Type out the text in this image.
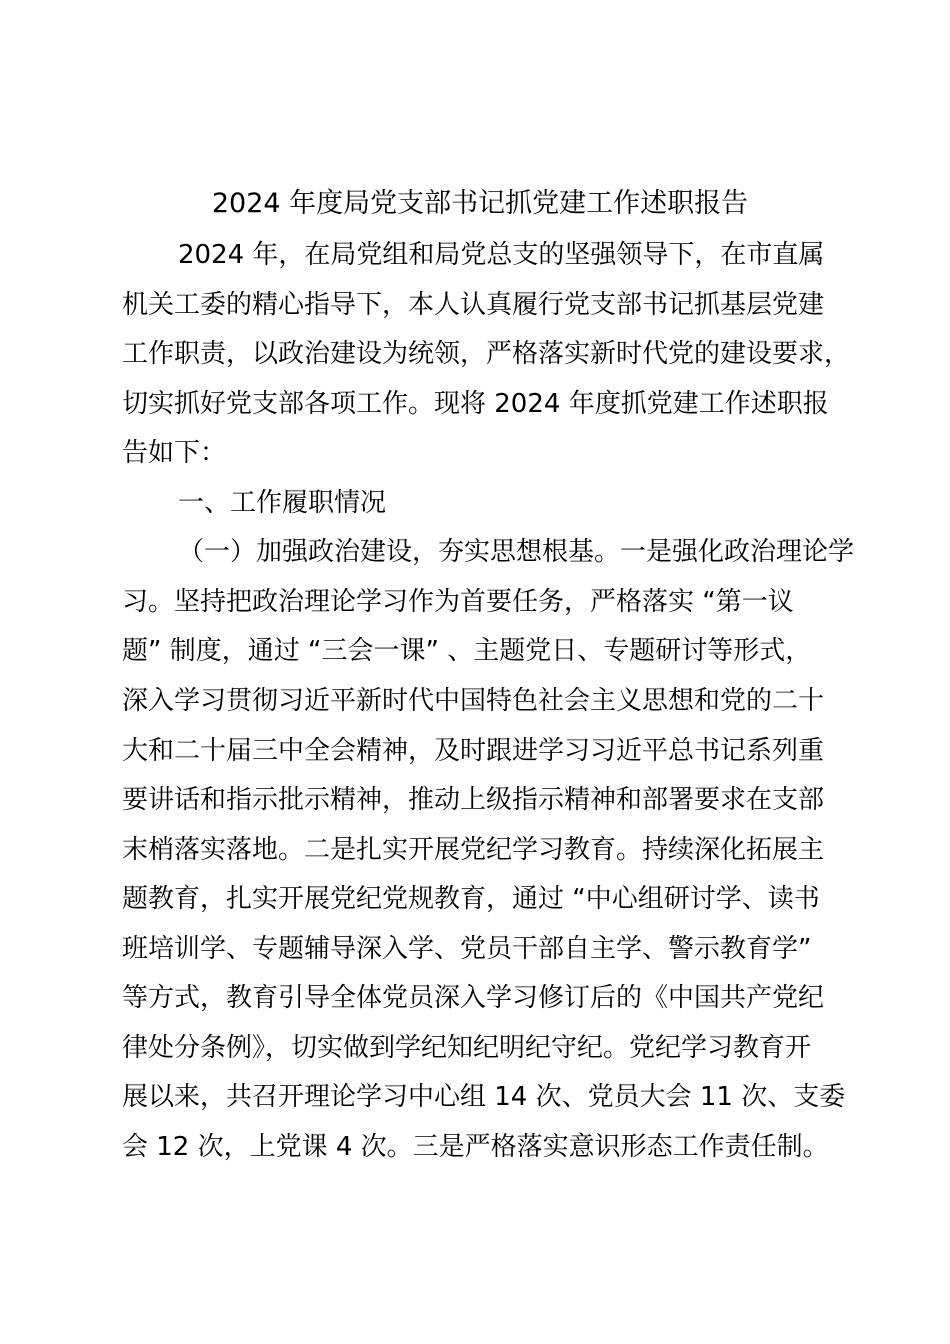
2024 年度局党支部书记抓党建工作述职报告
2024 年，在局党组和局党总支的坚强领导下，在市直属
机关工委的精心指导下，本人认真履行党支部书记抓基层党建
工作职责，以政治建设为统领，严格落实新时代党的建设要求，
切实抓好党支部各项工作。现将 2024 年度抓党建工作述职报
告如下：
一、工作履职情况
（一）加强政治建设，夯实思想根基。一是强化政治理论学
习。坚持把政治理论学习作为首要任务，严格落实 “第一议
题” 制度，通过 “三会一课” 、主题党日、专题研讨等形式，
深入学习贯彻习近平新时代中国特色社会主义思想和党的二十
大和二十届三中全会精神，及时跟进学习习近平总书记系列重
要讲话和指示批示精神，推动上级指示精神和部署要求在支部
末梢落实落地。二是扎实开展党纪学习教育。持续深化拓展主
题教育，扎实开展党纪党规教育，通过 “中心组研讨学、读书
班培训学、专题辅导深入学、党员干部自主学、警示教育学”
等方式，教育引导全体党员深入学习修订后的《中国共产党纪
律处分条例》，切实做到学纪知纪明纪守纪。党纪学习教育开
展以来，共召开理论学习中心组 14 次、党员大会 11 次、支委
会 12 次，上党课 4 次。三是严格落实意识形态工作责任制。
